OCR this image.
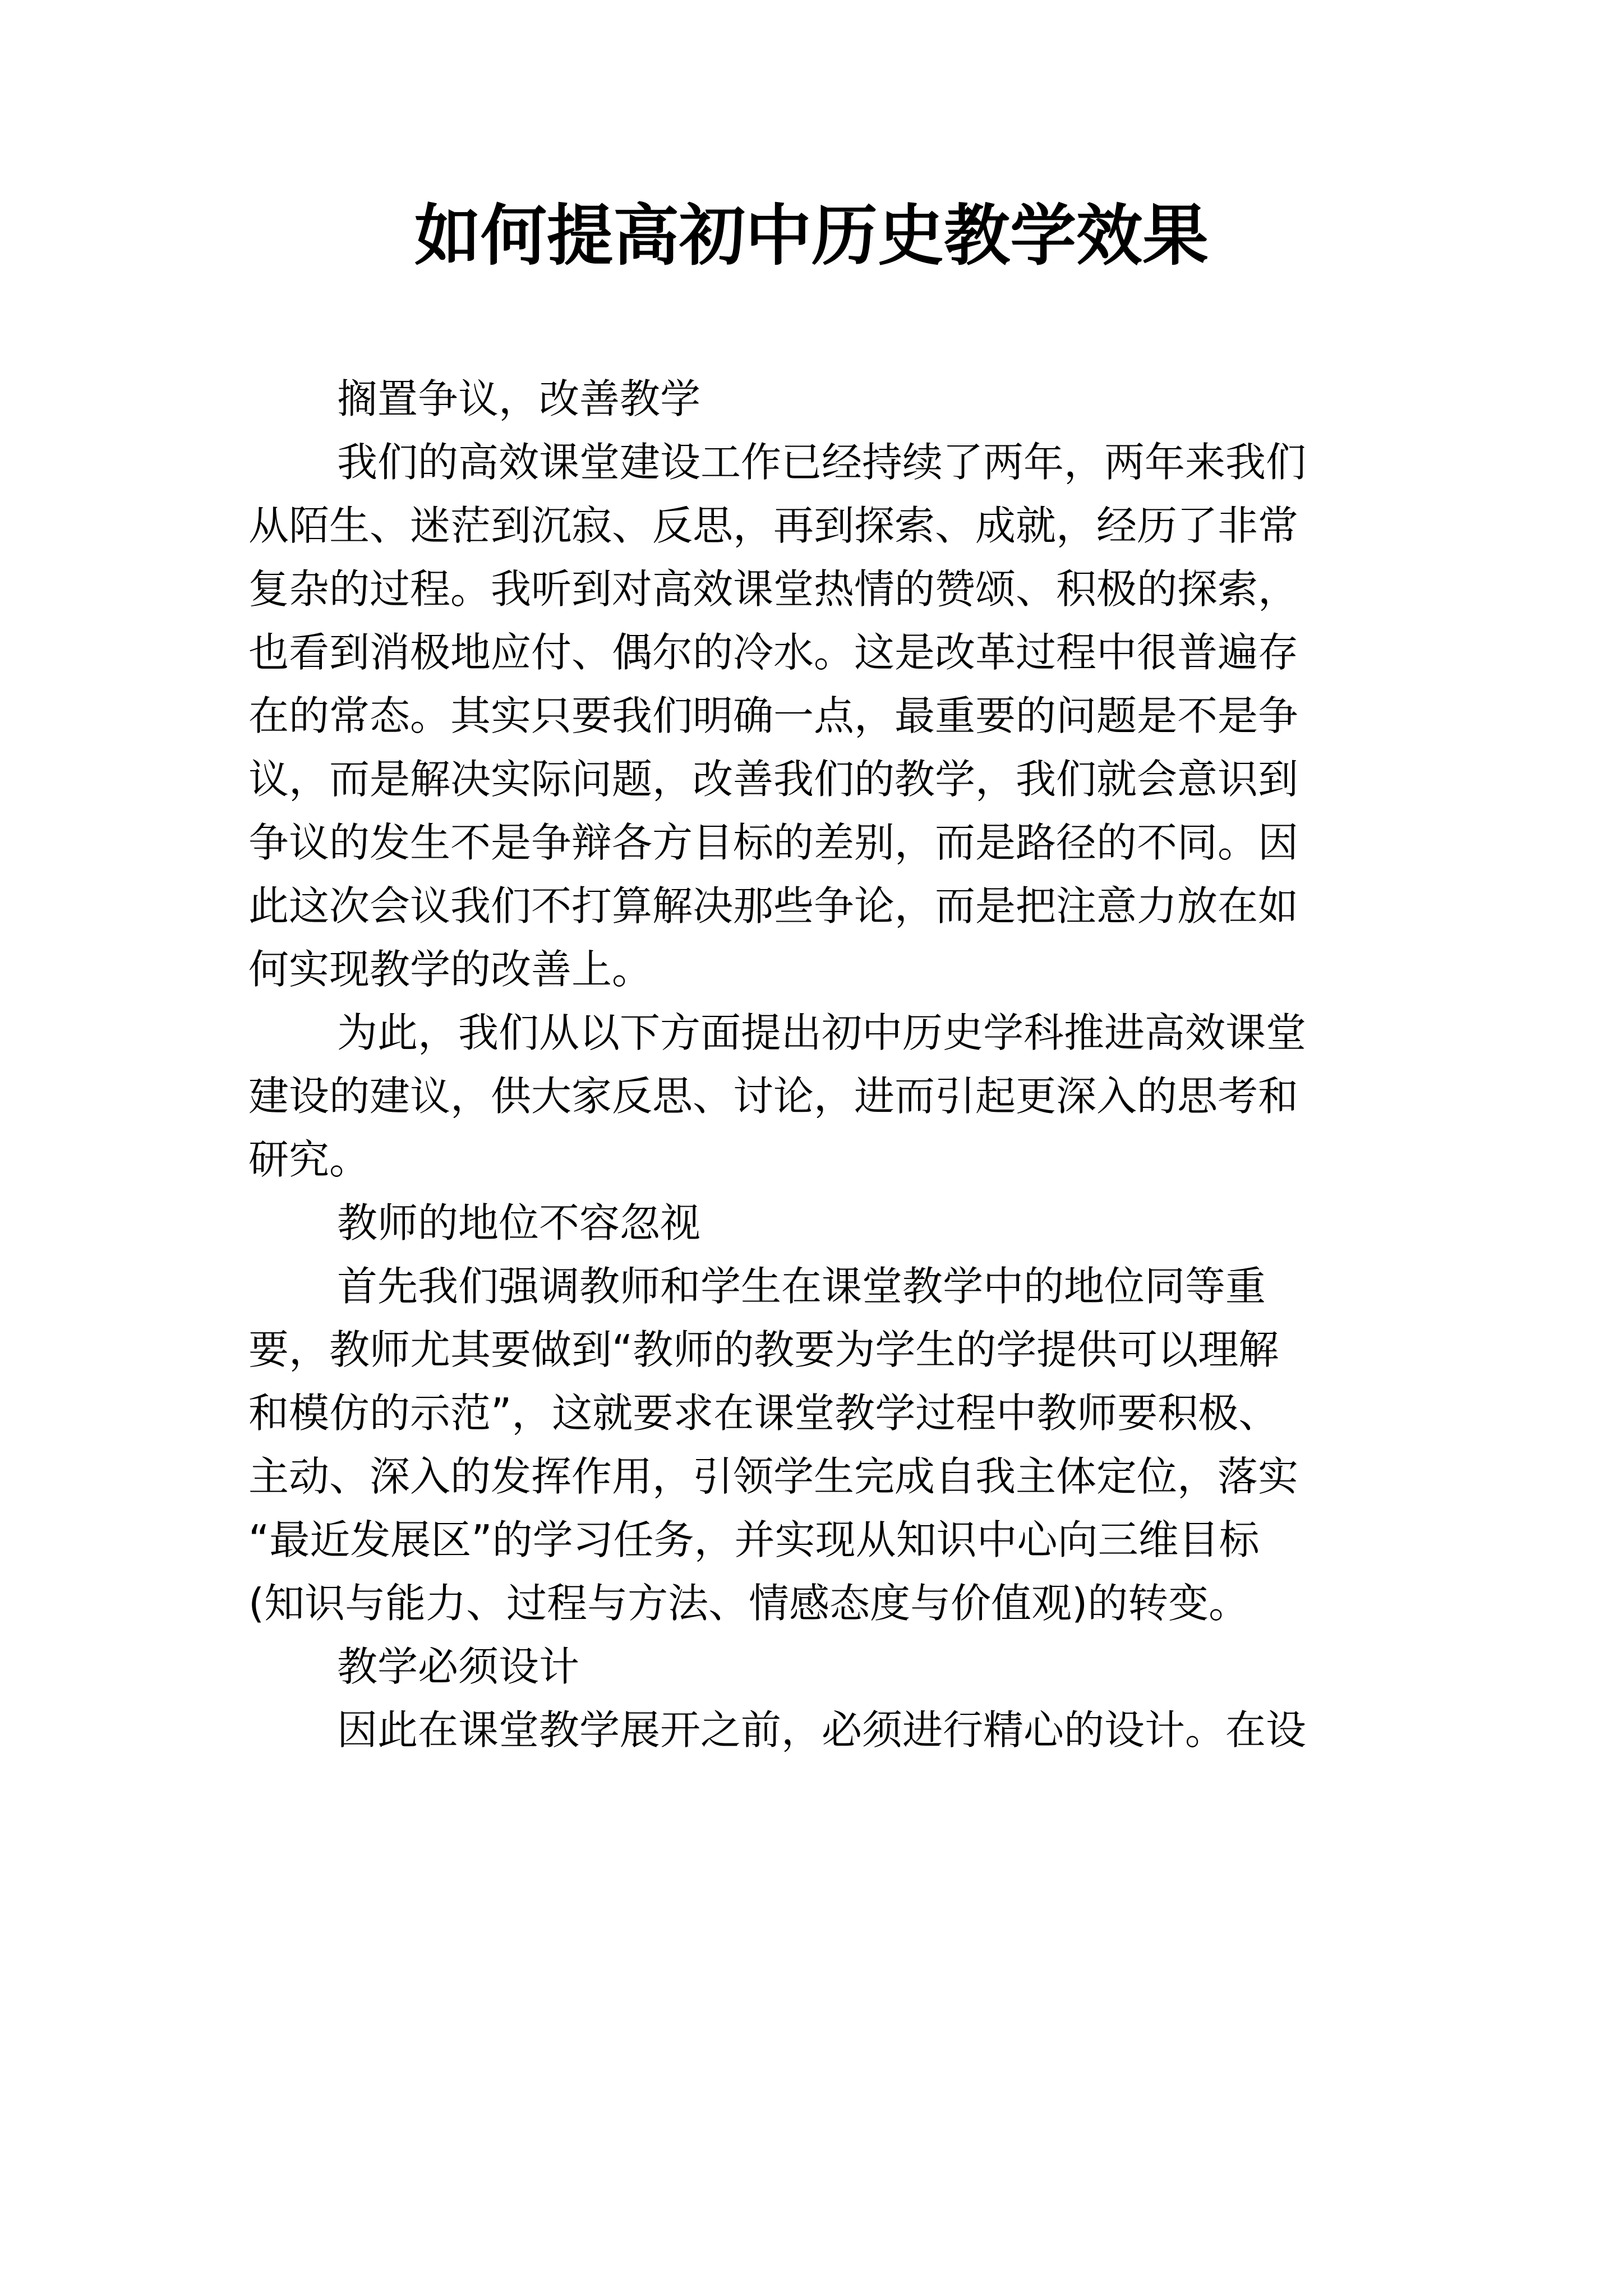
如何提高初中历史教学效果
搁置争议，改善教学
我们的高效课堂建设工作已经持续了两年，两年来我们
从陌生、迷茫到沉寂、反思，再到探索、成就，经历了非常
复杂的过程。我听到对高效课堂热情的赞颂、积极的探索，
也看到消极地应付、偶尔的冷水。这是改革过程中很普遍存
在的常态。其实只要我们明确一点，最重要的问题是不是争
议，而是解决实际问题，改善我们的教学，我们就会意识到
争议的发生不是争辩各方目标的差别，而是路径的不同。因
此这次会议我们不打算解决那些争论，而是把注意力放在如
何实现教学的改善上。
为此，我们从以下方面提出初中历史学科推进高效课堂
建设的建议，供大家反思、讨论，进而引起更深入的思考和
研究。
教师的地位不容忽视
首先我们强调教师和学生在课堂教学中的地位同等重
要，教师尤其要做到“教师的教要为学生的学提供可以理解
和模仿的示范”，这就要求在课堂教学过程中教师要积极、
主动、深入的发挥作用，引领学生完成自我主体定位，落实
“最近发展区”的学习任务，并实现从知识中心向三维目标
(知识与能力、过程与方法、情感态度与价值观)的转变。
教学必须设计
因此在课堂教学展开之前，必须进行精心的设计。在设
